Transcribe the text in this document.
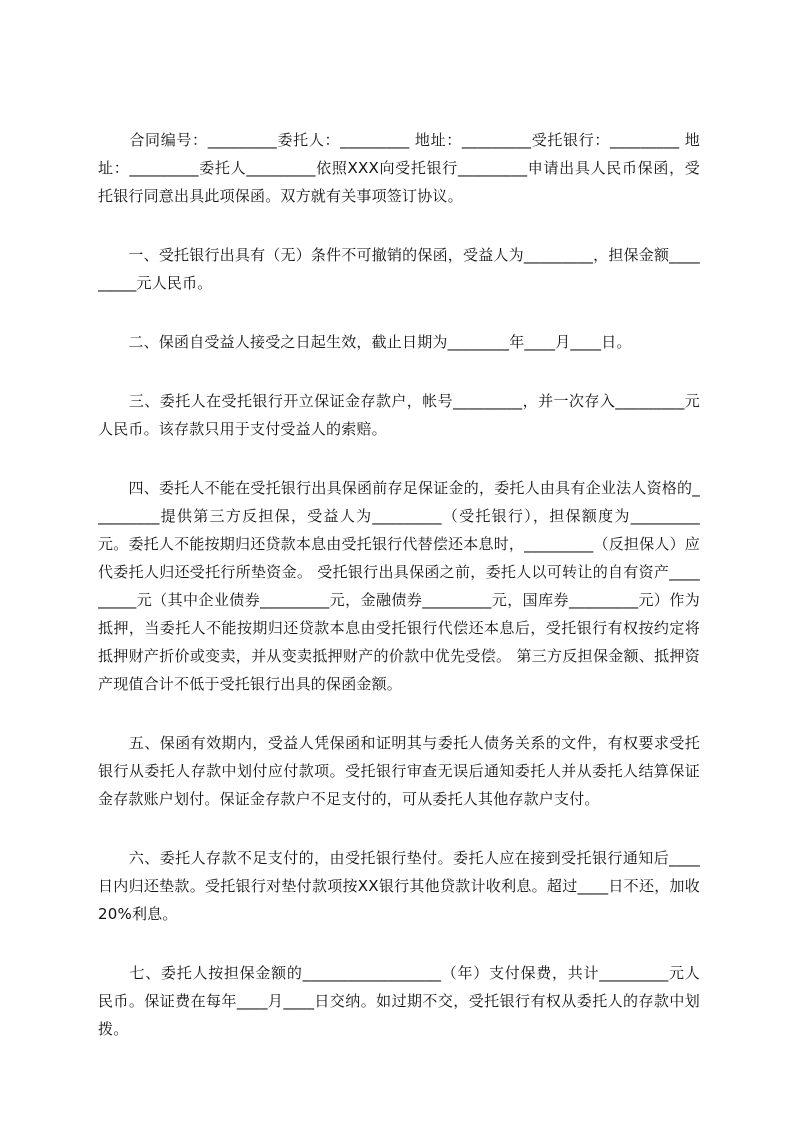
　　合同编号：_________委托人：_________ 地址：_________受托银行：_________ 地址：_________委托人_________依照XXX向受托银行_________申请出具人民币保函，受托银行同意出具此项保函。双方就有关事项签订协议。

　　一、受托银行出具有（无）条件不可撤销的保函，受益人为_________，担保金额_________元人民币。

　　二、保函自受益人接受之日起生效，截止日期为________年____月____日。

　　三、委托人在受托银行开立保证金存款户，帐号_________，并一次存入_________元人民币。该存款只用于支付受益人的索赔。

　　四、委托人不能在受托银行出具保函前存足保证金的，委托人由具有企业法人资格的_________提供第三方反担保，受益人为_________（受托银行），担保额度为_________元。委托人不能按期归还贷款本息由受托银行代替偿还本息时，_________（反担保人）应代委托人归还受托行所垫资金。 受托银行出具保函之前，委托人以可转让的自有资产_________元（其中企业债券_________元，金融债券_________元，国库券_________元）作为抵押，当委托人不能按期归还贷款本息由受托银行代偿还本息后，受托银行有权按约定将抵押财产折价或变卖，并从变卖抵押财产的价款中优先受偿。 第三方反担保金额、抵押资产现值合计不低于受托银行出具的保函金额。

　　五、保函有效期内，受益人凭保函和证明其与委托人债务关系的文件，有权要求受托银行从委托人存款中划付应付款项。受托银行审查无误后通知委托人并从委托人结算保证金存款账户划付。保证金存款户不足支付的，可从委托人其他存款户支付。

　　六、委托人存款不足支付的，由受托银行垫付。委托人应在接到受托银行通知后____日内归还垫款。受托银行对垫付款项按XX银行其他贷款计收利息。超过____日不还，加收20%利息。

　　七、委托人按担保金额的__________________（年）支付保费，共计_________元人民币。保证费在每年____月____日交纳。如过期不交，受托银行有权从委托人的存款中划拨。
